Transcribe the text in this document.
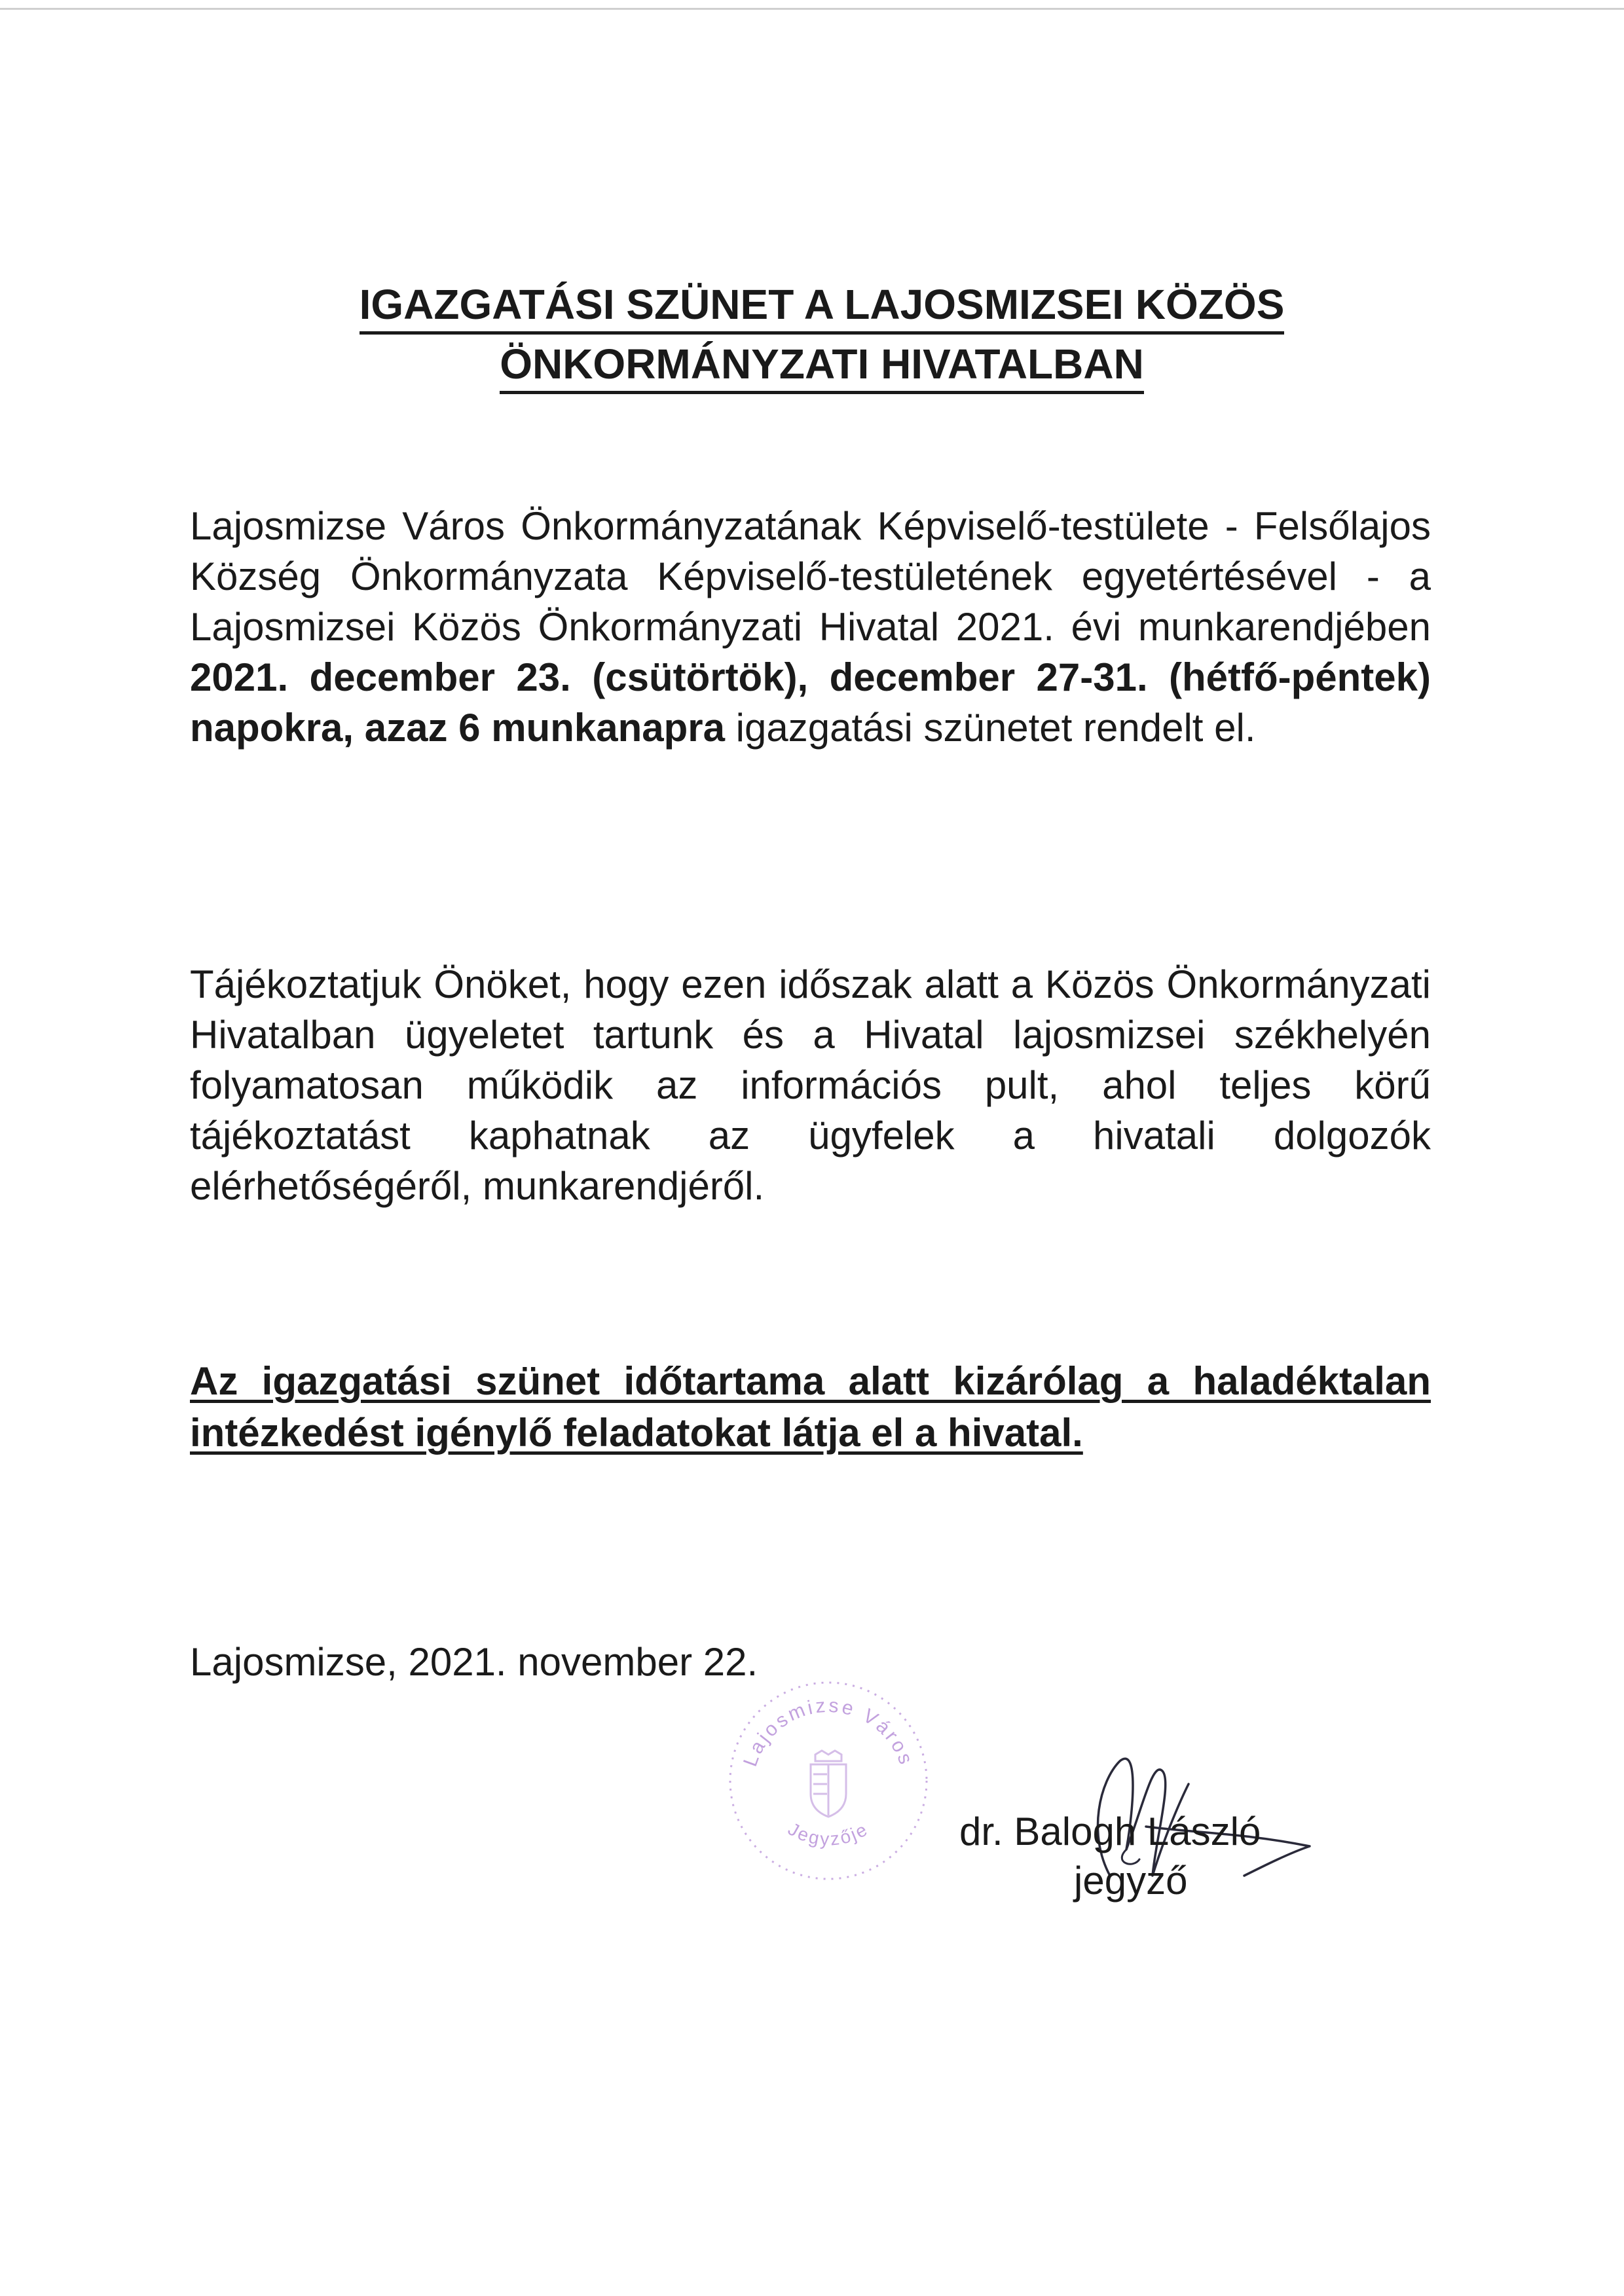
IGAZGATÁSI SZÜNET A LAJOSMIZSEI KÖZÖS
ÖNKORMÁNYZATI HIVATALBAN

Lajosmizse Város Önkormányzatának Képviselő-testülete - Felsőlajos Község Önkormányzata Képviselő-testületének egyetértésével - a Lajosmizsei Közös Önkormányzati Hivatal 2021. évi munkarendjében 2021. december 23. (csütörtök), december 27-31. (hétfő-péntek) napokra, azaz 6 munkanapra igazgatási szünetet rendelt el.

Tájékoztatjuk Önöket, hogy ezen időszak alatt a Közös Önkormányzati Hivatalban ügyeletet tartunk és a Hivatal lajosmizsei székhelyén folyamatosan működik az információs pult, ahol teljes körű tájékoztatást kaphatnak az ügyfelek a hivatali dolgozók elérhetőségéről, munkarendjéről.

Az igazgatási szünet időtartama alatt kizárólag a haladéktalan intézkedést igénylő feladatokat látja el a hivatal.

Lajosmizse, 2021. november 22.

Lajosmizse Város
Jegyzője dr. Balogh László
jegyző
